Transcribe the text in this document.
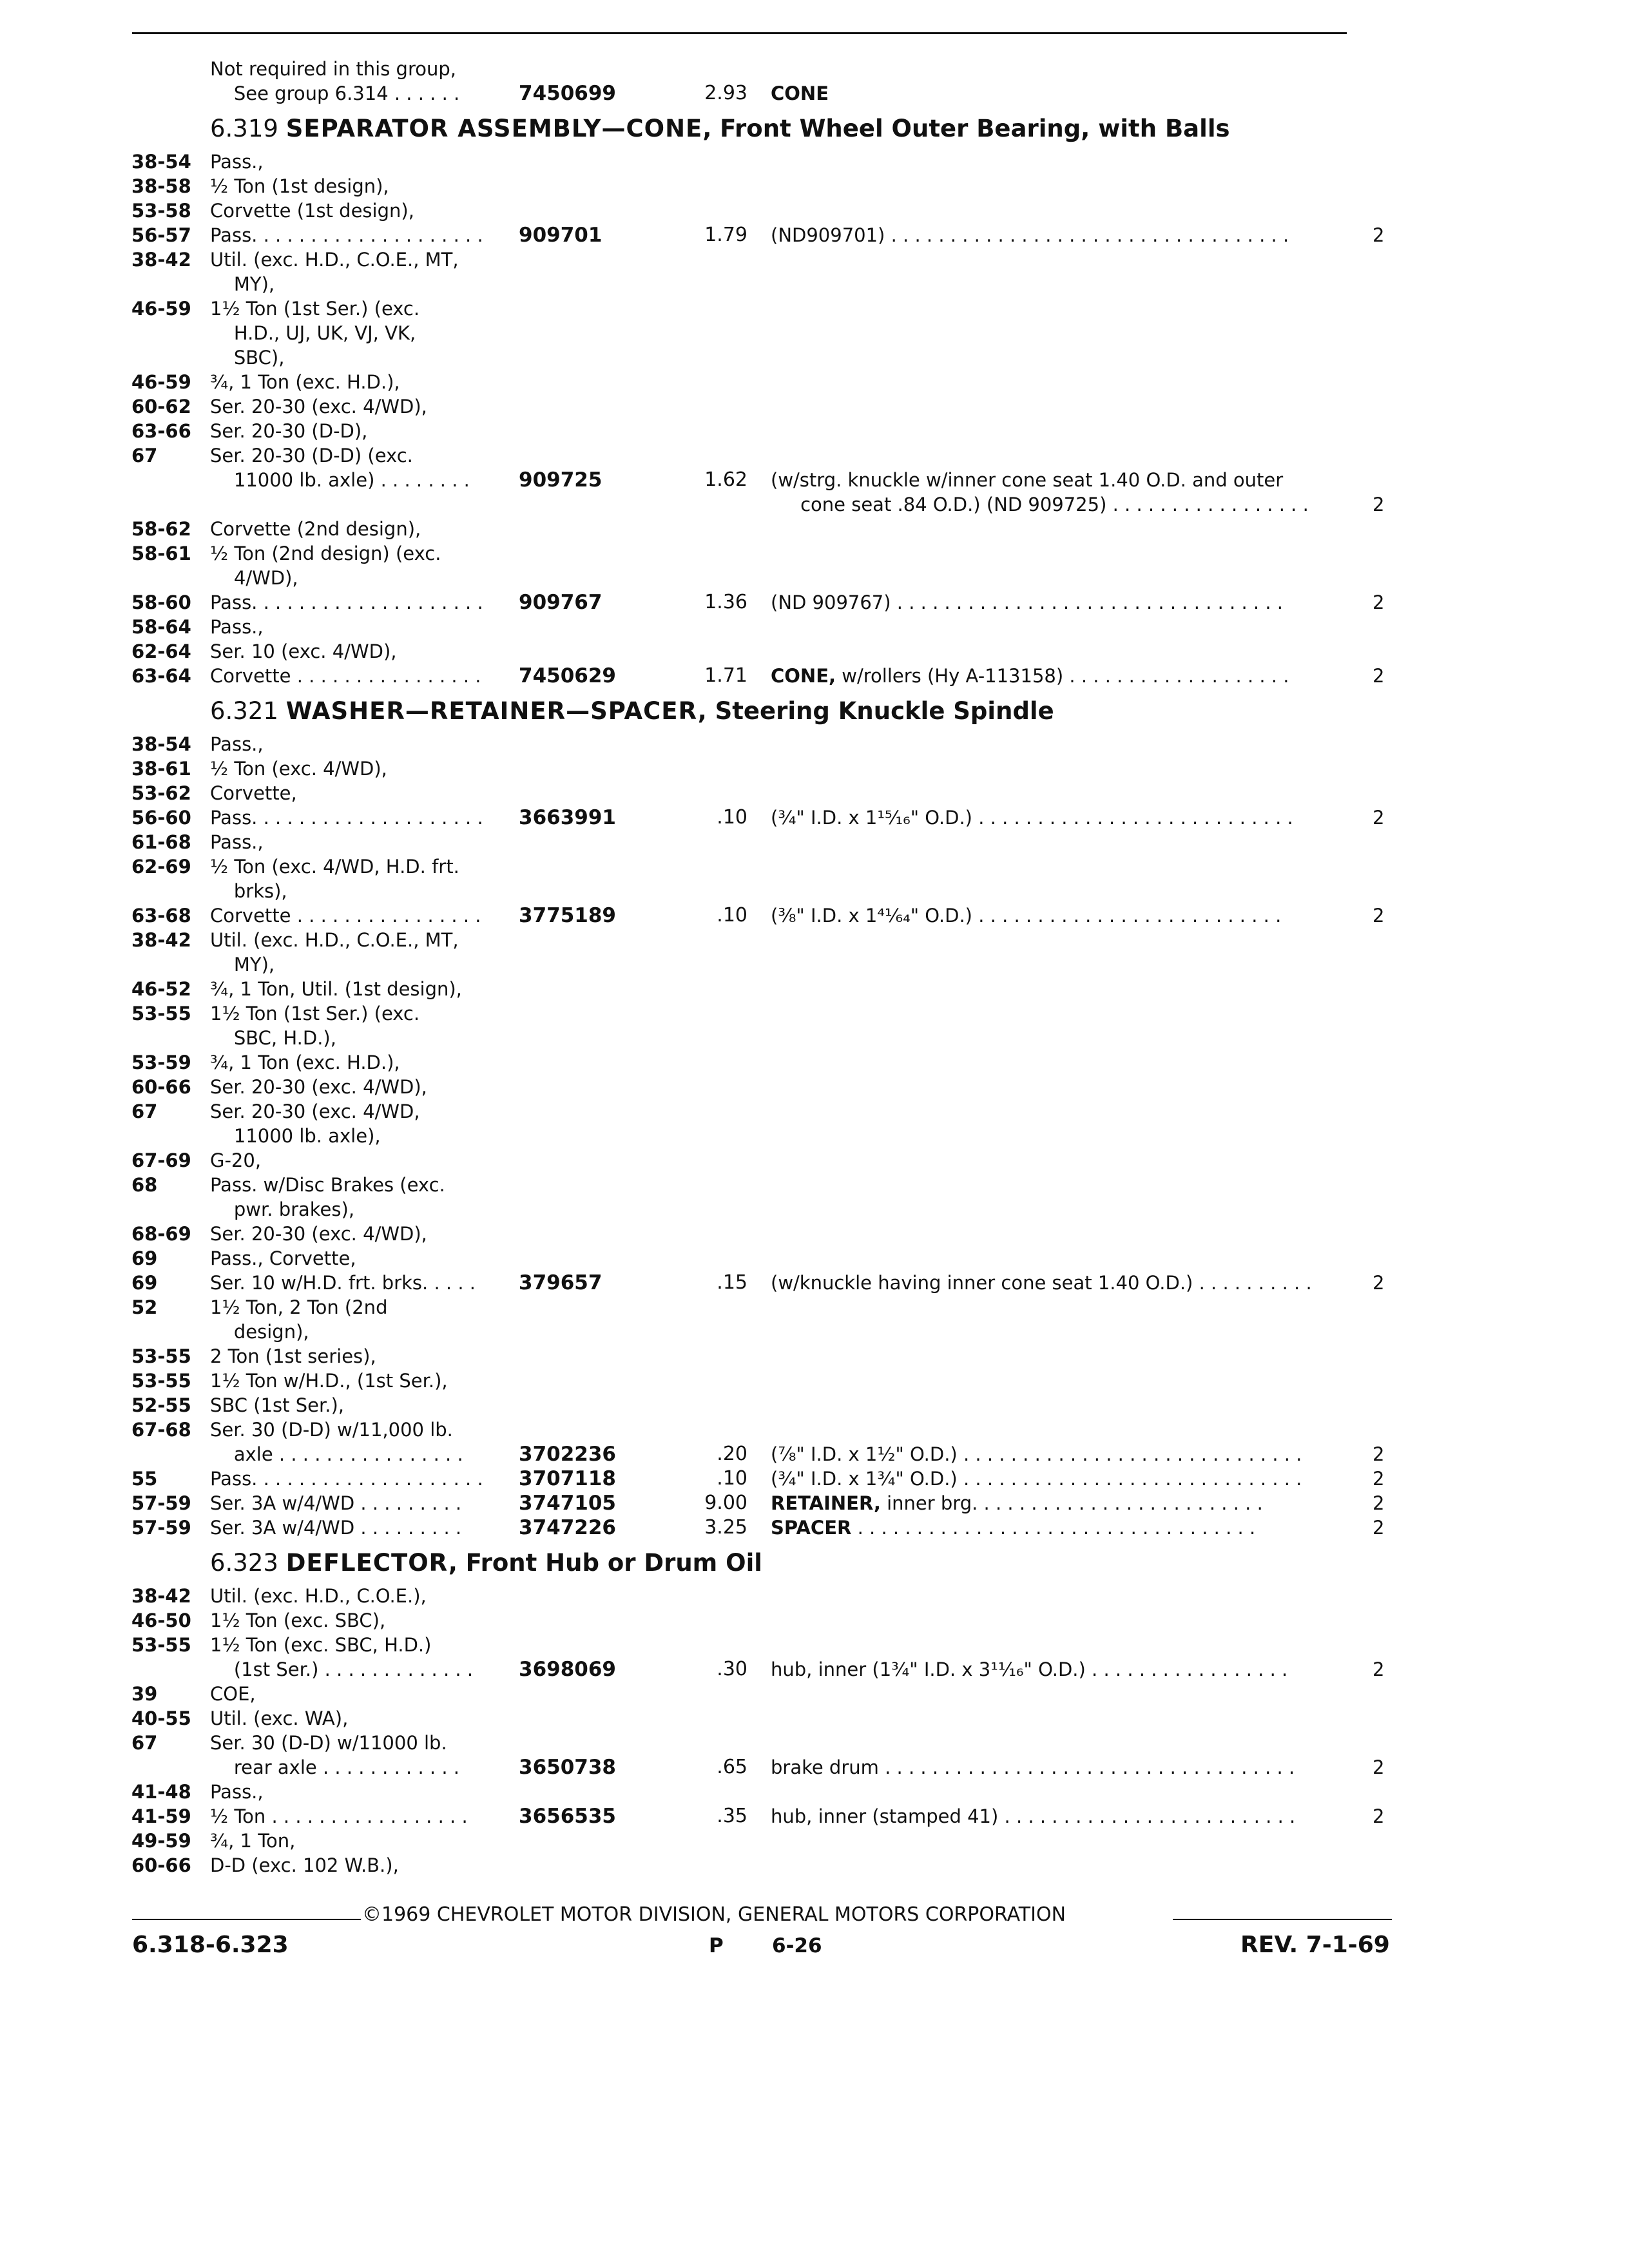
Not required in this group,
See group 6.314 . . . . . .	7450699	2.93 CONE
6.319 SEPARATOR ASSEMBLY—CONE, Front Wheel Outer Bearing, with Balls
38-54 Pass.,
38-58 ½ Ton (1st design),
53-58 Corvette (1st design),
56-57 Pass. . . . . . . . . . . . . . . . . . . . 909701	1.79 (ND909701) . . . . . . . . . . . . . . . . . . . . . . . . . . . . . . . . . .	2
38-42 Util. (exc. H.D., C.O.E., MT,
MY),
46-59 1½ Ton (1st Ser.) (exc.
H.D., UJ, UK, VJ, VK,
SBC),
46-59 ¾, 1 Ton (exc. H.D.),
60-62 Ser. 20-30 (exc. 4/WD),
63-66 Ser. 20-30 (D-D),
67	Ser. 20-30 (D-D) (exc.
11000 lb. axle) . . . . . . . . 909725	1.62 (w/strg. knuckle w/inner cone seat 1.40 O.D. and outer
cone seat .84 O.D.) (ND 909725) . . . . . . . . . . . . . . . . .	2
58-62 Corvette (2nd design),
58-61 ½ Ton (2nd design) (exc.
4/WD),
58-60 Pass. . . . . . . . . . . . . . . . . . . . 909767	1.36 (ND 909767) . . . . . . . . . . . . . . . . . . . . . . . . . . . . . . . . .	2
58-64 Pass.,
62-64 Ser. 10 (exc. 4/WD),
63-64 Corvette . . . . . . . . . . . . . . . . 7450629	1.71 CONE, w/rollers (Hy A-113158) . . . . . . . . . . . . . . . . . . .	2
6.321 WASHER—RETAINER—SPACER, Steering Knuckle Spindle
38-54 Pass.,
38-61 ½ Ton (exc. 4/WD),
53-62 Corvette,
56-60 Pass. . . . . . . . . . . . . . . . . . . . 3663991	.10 (¾" I.D. x 1¹⁵⁄₁₆" O.D.) . . . . . . . . . . . . . . . . . . . . . . . . . . .	2
61-68 Pass.,
62-69 ½ Ton (exc. 4/WD, H.D. frt.
brks),
63-68 Corvette . . . . . . . . . . . . . . . . 3775189	.10 (⅜" I.D. x 1⁴¹⁄₆₄" O.D.) . . . . . . . . . . . . . . . . . . . . . . . . . .	2
38-42 Util. (exc. H.D., C.O.E., MT,
MY),
46-52 ¾, 1 Ton, Util. (1st design),
53-55 1½ Ton (1st Ser.) (exc.
SBC, H.D.),
53-59 ¾, 1 Ton (exc. H.D.),
60-66 Ser. 20-30 (exc. 4/WD),
67	Ser. 20-30 (exc. 4/WD,
11000 lb. axle),
67-69 G-20,
68	Pass. w/Disc Brakes (exc.
pwr. brakes),
68-69 Ser. 20-30 (exc. 4/WD),
69	Pass., Corvette,
69	Ser. 10 w/H.D. frt. brks. . . . . 379657	.15 (w/knuckle having inner cone seat 1.40 O.D.) . . . . . . . . . .	2
52	1½ Ton, 2 Ton (2nd
design),
53-55 2 Ton (1st series),
53-55 1½ Ton w/H.D., (1st Ser.),
52-55 SBC (1st Ser.),
67-68 Ser. 30 (D-D) w/11,000 lb.
axle . . . . . . . . . . . . . . . .	3702236	.20 (⅞" I.D. x 1½" O.D.) . . . . . . . . . . . . . . . . . . . . . . . . . . . . .	2
55	Pass. . . . . . . . . . . . . . . . . . . . 3707118	.10 (¾" I.D. x 1¾" O.D.) . . . . . . . . . . . . . . . . . . . . . . . . . . . . .	2
57-59 Ser. 3A w/4/WD . . . . . . . . .	3747105	9.00 RETAINER, inner brg. . . . . . . . . . . . . . . . . . . . . . . . .	2
57-59 Ser. 3A w/4/WD . . . . . . . . .	3747226	3.25 SPACER . . . . . . . . . . . . . . . . . . . . . . . . . . . . . . . . . .	2
6.323 DEFLECTOR, Front Hub or Drum Oil
38-42 Util. (exc. H.D., C.O.E.),
46-50 1½ Ton (exc. SBC),
53-55 1½ Ton (exc. SBC, H.D.)
(1st Ser.) . . . . . . . . . . . . . 3698069	.30 hub, inner (1¾" I.D. x 3¹¹⁄₁₆" O.D.) . . . . . . . . . . . . . . . . .	2
39	COE,
40-55 Util. (exc. WA),
67	Ser. 30 (D-D) w/11000 lb.
rear axle . . . . . . . . . . . .	3650738	.65 brake drum . . . . . . . . . . . . . . . . . . . . . . . . . . . . . . . . . . .	2
41-48 Pass.,
41-59 ½ Ton . . . . . . . . . . . . . . . . .	3656535	.35 hub, inner (stamped 41) . . . . . . . . . . . . . . . . . . . . . . . . .	2
49-59 ¾, 1 Ton,
60-66 D-D (exc. 102 W.B.),
©1969 CHEVROLET MOTOR DIVISION, GENERAL MOTORS CORPORATION
6.318-6.323	P 6-26	REV. 7-1-69
